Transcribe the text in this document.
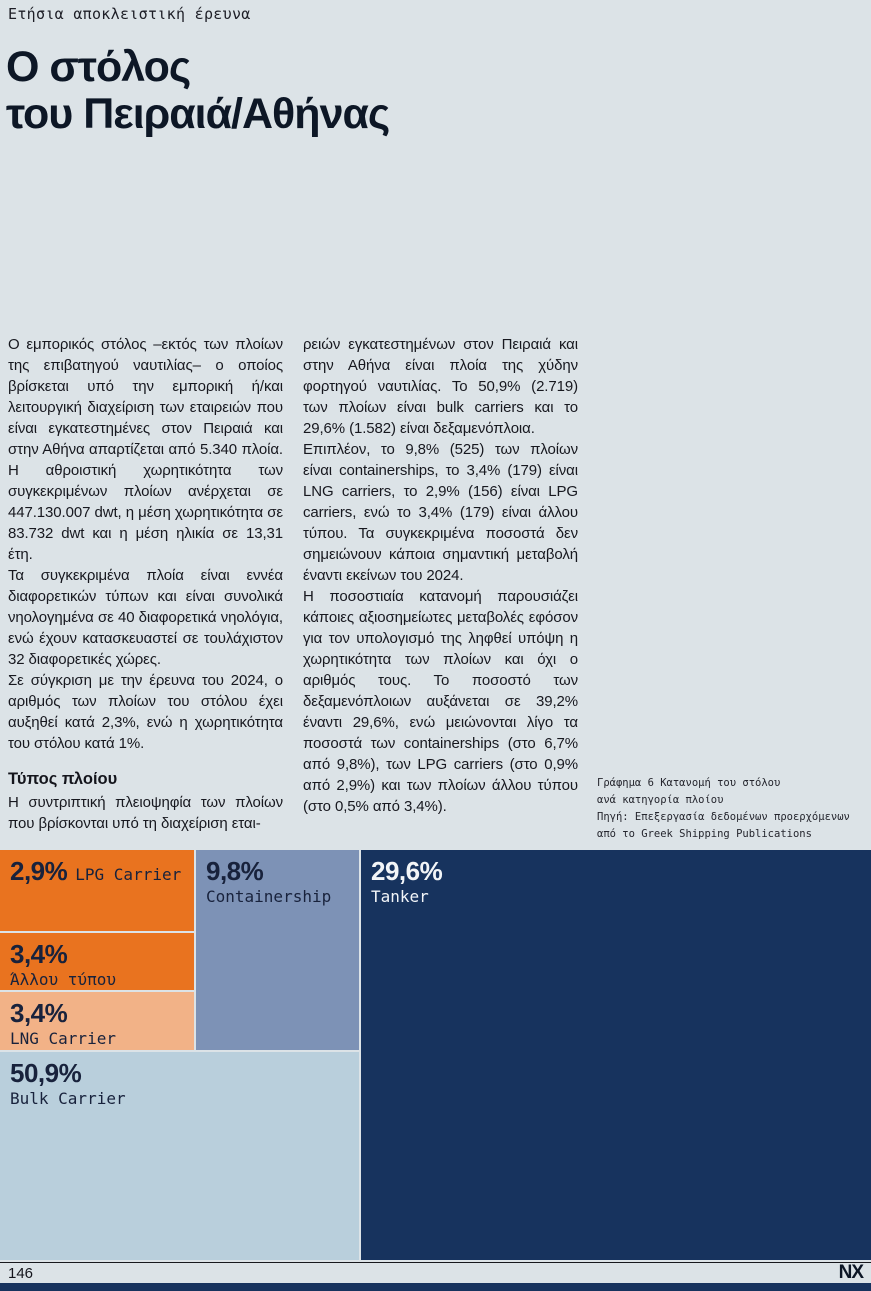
Ετήσια αποκλειστική έρευνα
Ο στόλος
του Πειραιά/Αθήνας

Ο εμπορικός στόλος –εκτός των πλοίων της επιβατηγού ναυτιλίας– ο οποίος βρίσκεται υπό την εμπορική ή/και λειτουργική διαχείριση των εταιρειών που είναι εγκατεστημένες στον Πειραιά και στην Αθήνα απαρτίζεται από 5.340 πλοία. Η αθροιστική χωρητικότητα των συγκεκριμένων πλοίων ανέρχεται σε 447.130.007 dwt, η μέση χωρητικότητα σε 83.732 dwt και η μέση ηλικία σε 13,31 έτη.

Τα συγκεκριμένα πλοία είναι εννέα διαφορετικών τύπων και είναι συνολικά νηολογημένα σε 40 διαφορετικά νηολόγια, ενώ έχουν κατασκευαστεί σε τουλάχιστον 32 διαφορετικές χώρες.

Σε σύγκριση με την έρευνα του 2024, ο αριθμός των πλοίων του στόλου έχει αυξηθεί κατά 2,3%, ενώ η χωρητικότητα του στόλου κατά 1%.

Τύπος πλοίου

Η συντριπτική πλειοψηφία των πλοίων που βρίσκονται υπό τη διαχείριση εται-

ρειών εγκατεστημένων στον Πειραιά και στην Αθήνα είναι πλοία της χύδην φορτηγού ναυτιλίας. Το 50,9% (2.719) των πλοίων είναι bulk carriers και το 29,6% (1.582) είναι δεξαμενόπλοια.

Επιπλέον, το 9,8% (525) των πλοίων είναι containerships, το 3,4% (179) είναι LNG carriers, το 2,9% (156) είναι LPG carriers, ενώ το 3,4% (179) είναι άλλου τύπου. Τα συγκεκριμένα ποσοστά δεν σημειώνουν κάποια σημαντική μεταβολή έναντι εκείνων του 2024.

Η ποσοστιαία κατανομή παρουσιάζει κάποιες αξιοσημείωτες μεταβολές εφόσον για τον υπολογισμό της ληφθεί υπόψη η χωρητικότητα των πλοίων και όχι ο αριθμός τους. Το ποσοστό των δεξαμενόπλοιων αυξάνεται σε 39,2% έναντι 29,6%, ενώ μειώνονται λίγο τα ποσοστά των containerships (στο 6,7% από 9,8%), των LPG carriers (στο 0,9% από 2,9%) και των πλοίων άλλου τύπου (στο 0,5% από 3,4%).

Γράφημα 6 Κατανομή του στόλου
ανά κατηγορία πλοίου
Πηγή: Επεξεργασία δεδομένων προερχόμενων
από το Greek Shipping Publications
2,9% LPG Carrier
3,4%
Άλλου τύπου
3,4%
LNG Carrier
9,8%
Containership
50,9%
Bulk Carrier
29,6%
Tanker
146	NX
